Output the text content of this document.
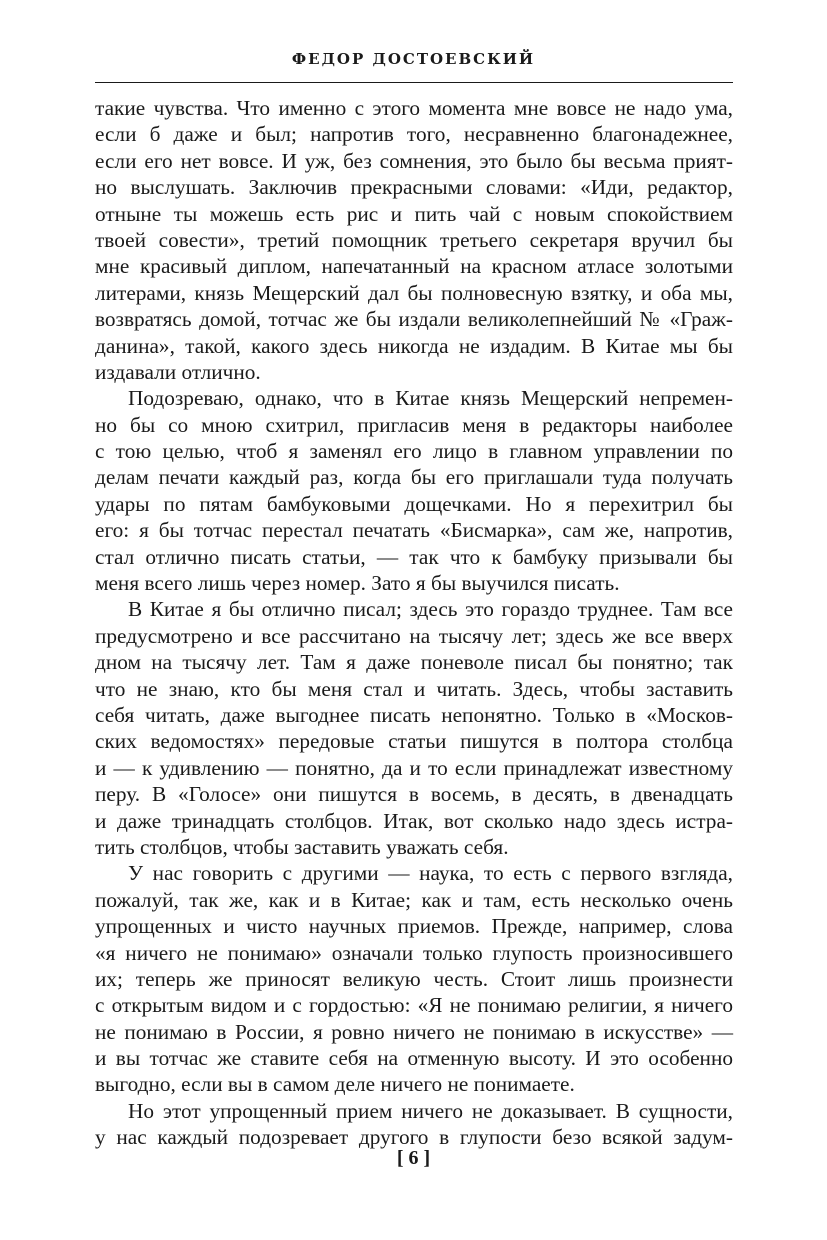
ФЕДОР ДОСТОЕВСКИЙ
такие чувства. Что именно с этого момента мне вовсе не надо ума,
если б даже и был; напротив того, несравненно благонадежнее,
если его нет вовсе. И уж, без сомнения, это было бы весьма прият-
но выслушать. Заключив прекрасными словами: «Иди, редактор,
отныне ты можешь есть рис и пить чай с новым спокойствием
твоей совести», третий помощник третьего секретаря вручил бы
мне красивый диплом, напечатанный на красном атласе золотыми
литерами, князь Мещерский дал бы полновесную взятку, и оба мы,
возвратясь домой, тотчас же бы издали великолепнейший № «Граж-
данина», такой, какого здесь никогда не издадим. В Китае мы бы
издавали отлично.
Подозреваю, однако, что в Китае князь Мещерский непремен-
но бы со мною схитрил, пригласив меня в редакторы наиболее
с тою целью, чтоб я заменял его лицо в главном управлении по
делам печати каждый раз, когда бы его приглашали туда получать
удары по пятам бамбуковыми дощечками. Но я перехитрил бы
его: я бы тотчас перестал печатать «Бисмарка», сам же, напротив,
стал отлично писать статьи, — так что к бамбуку призывали бы
меня всего лишь через номер. Зато я бы выучился писать.
В Китае я бы отлично писал; здесь это гораздо труднее. Там все
предусмотрено и все рассчитано на тысячу лет; здесь же все вверх
дном на тысячу лет. Там я даже поневоле писал бы понятно; так
что не знаю, кто бы меня стал и читать. Здесь, чтобы заставить
себя читать, даже выгоднее писать непонятно. Только в «Москов-
ских ведомостях» передовые статьи пишутся в полтора столбца
и — к удивлению — понятно, да и то если принадлежат известному
перу. В «Голосе» они пишутся в восемь, в десять, в двенадцать
и даже тринадцать столбцов. Итак, вот сколько надо здесь истра-
тить столбцов, чтобы заставить уважать себя.
У нас говорить с другими — наука, то есть с первого взгляда,
пожалуй, так же, как и в Китае; как и там, есть несколько очень
упрощенных и чисто научных приемов. Прежде, например, слова
«я ничего не понимаю» означали только глупость произносившего
их; теперь же приносят великую честь. Стоит лишь произнести
с открытым видом и с гордостью: «Я не понимаю религии, я ничего
не понимаю в России, я ровно ничего не понимаю в искусстве» —
и вы тотчас же ставите себя на отменную высоту. И это особенно
выгодно, если вы в самом деле ничего не понимаете.
Но этот упрощенный прием ничего не доказывает. В сущности,
у нас каждый подозревает другого в глупости безо всякой задум-
[ 6 ]
